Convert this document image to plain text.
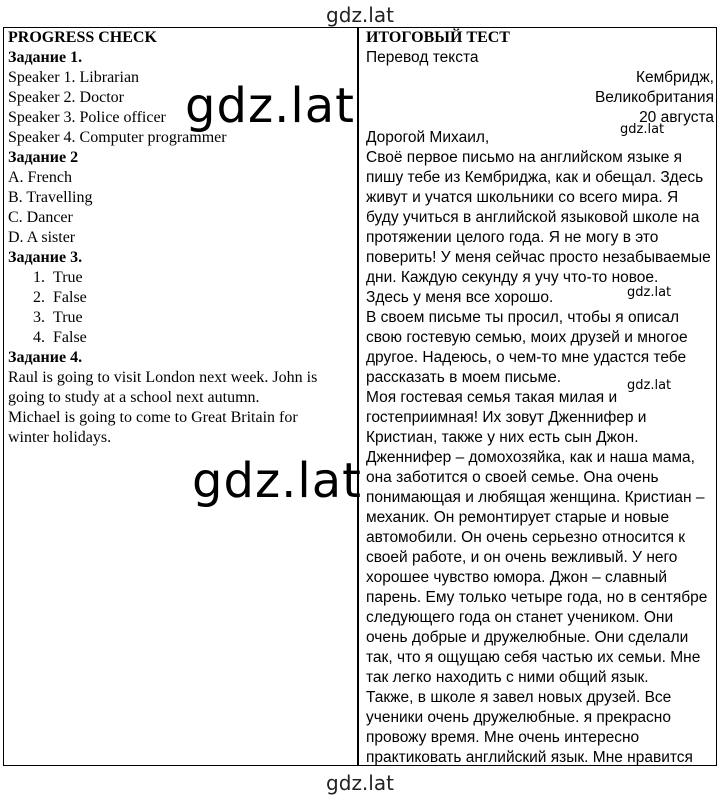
gdz.lat
PROGRESS CHECK
Задание 1.
Speaker 1. Librarian
Speaker 2. Doctor
Speaker 3. Police officer
Speaker 4. Computer programmer
Задание 2
A. French
B. Travelling
C. Dancer
D. A sister
Задание 3.
1. True
2. False
3. True
4. False
Задание 4.
Raul is going to visit London next week. John is
going to study at a school next autumn.
Michael is going to come to Great Britain for
winter holidays.
ИТОГОВЫЙ ТЕСТ
Перевод текста
Кембридж,
Великобритания
20 августа
Дорогой Михаил,
Своё первое письмо на английском языке я
пишу тебе из Кембриджа, как и обещал. Здесь
живут и учатся школьники со всего мира. Я
буду учиться в английской языковой школе на
протяжении целого года. Я не могу в это
поверить! У меня сейчас просто незабываемые
дни. Каждую секунду я учу что-то новое.
Здесь у меня все хорошо.
В своем письме ты просил, чтобы я описал
свою гостевую семью, моих друзей и многое
другое. Надеюсь, о чем-то мне удастся тебе
рассказать в моем письме.
Моя гостевая семья такая милая и
гостеприимная! Их зовут Дженнифер и
Кристиан, также у них есть сын Джон.
Дженнифер – домохозяйка, как и наша мама,
она заботится о своей семье. Она очень
понимающая и любящая женщина. Кристиан –
механик. Он ремонтирует старые и новые
автомобили. Он очень серьезно относится к
своей работе, и он очень вежливый. У него
хорошее чувство юмора. Джон – славный
парень. Ему только четыре года, но в сентябре
следующего года он станет учеником. Они
очень добрые и дружелюбные. Они сделали
так, что я ощущаю себя частью их семьи. Мне
так легко находить с ними общий язык.
Также, в школе я завел новых друзей. Все
ученики очень дружелюбные. я прекрасно
провожу время. Мне очень интересно
практиковать английский язык. Мне нравится
gdz.lat
gdz.lat
gdz.lat
gdz.lat
gdz.lat
gdz.lat
